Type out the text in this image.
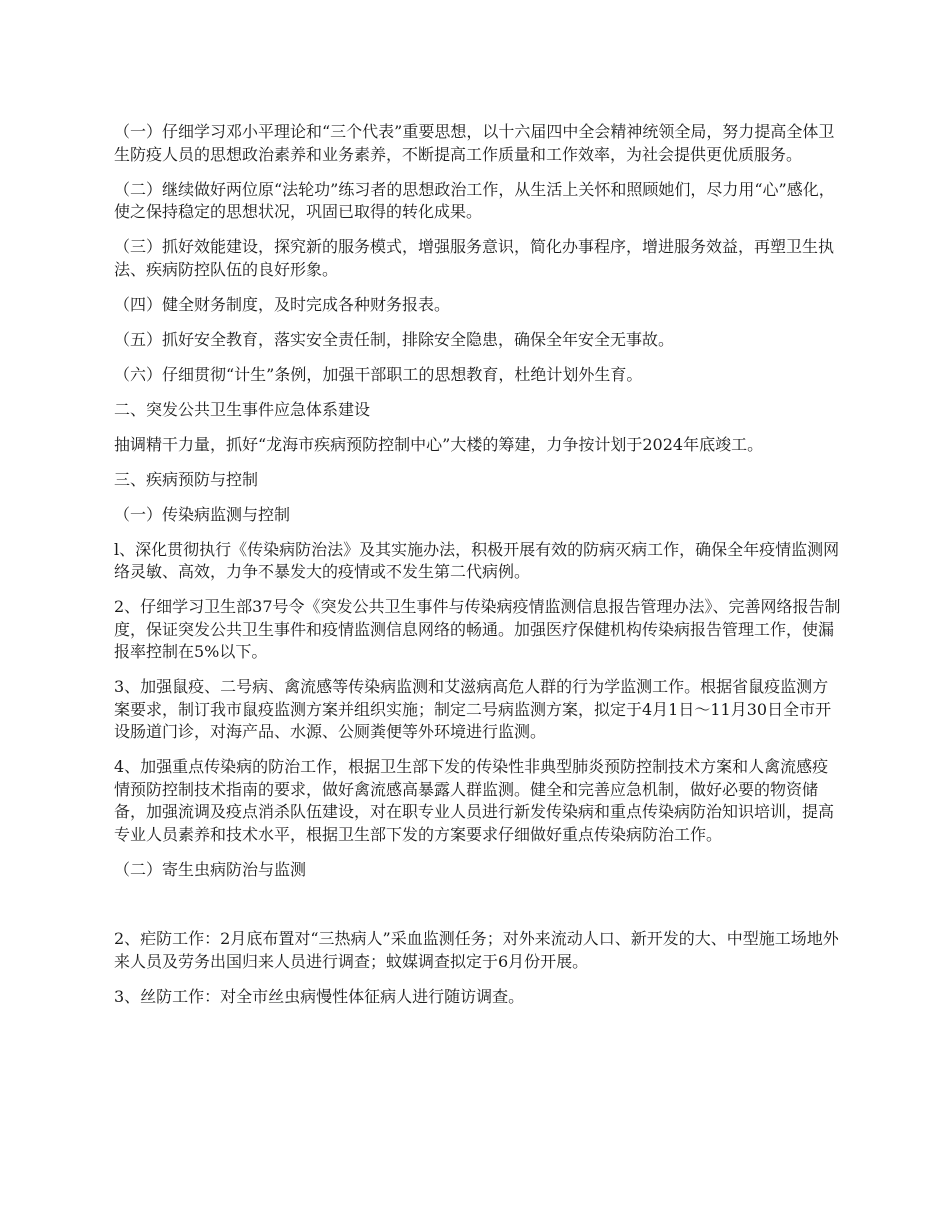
（一）仔细学习邓小平理论和“三个代表”重要思想，以十六届四中全会精神统领全局，努力提高全体卫生防疫人员的思想政治素养和业务素养，不断提高工作质量和工作效率，为社会提供更优质服务。

（二）继续做好两位原“法轮功”练习者的思想政治工作，从生活上关怀和照顾她们，尽力用“心”感化，使之保持稳定的思想状况，巩固已取得的转化成果。

（三）抓好效能建设，探究新的服务模式，增强服务意识，简化办事程序，增进服务效益，再塑卫生执法、疾病防控队伍的良好形象。

（四）健全财务制度，及时完成各种财务报表。

（五）抓好安全教育，落实安全责任制，排除安全隐患，确保全年安全无事故。

（六）仔细贯彻“计生”条例，加强干部职工的思想教育，杜绝计划外生育。

二、突发公共卫生事件应急体系建设

抽调精干力量，抓好“龙海市疾病预防控制中心”大楼的筹建，力争按计划于2024年底竣工。

三、疾病预防与控制

（一）传染病监测与控制

l、深化贯彻执行《传染病防治法》及其实施办法，积极开展有效的防病灭病工作，确保全年疫情监测网络灵敏、高效，力争不暴发大的疫情或不发生第二代病例。

2、仔细学习卫生部37号令《突发公共卫生事件与传染病疫情监测信息报告管理办法》、完善网络报告制度，保证突发公共卫生事件和疫情监测信息网络的畅通。加强医疗保健机构传染病报告管理工作，使漏报率控制在5%以下。

3、加强鼠疫、二号病、禽流感等传染病监测和艾滋病高危人群的行为学监测工作。根据省鼠疫监测方案要求，制订我市鼠疫监测方案并组织实施；制定二号病监测方案，拟定于4月1日～11月30日全市开设肠道门诊，对海产品、水源、公厕粪便等外环境进行监测。

4、加强重点传染病的防治工作，根据卫生部下发的传染性非典型肺炎预防控制技术方案和人禽流感疫情预防控制技术指南的要求，做好禽流感高暴露人群监测。健全和完善应急机制，做好必要的物资储备，加强流调及疫点消杀队伍建设，对在职专业人员进行新发传染病和重点传染病防治知识培训，提高专业人员素养和技术水平，根据卫生部下发的方案要求仔细做好重点传染病防治工作。

（二）寄生虫病防治与监测

2、疟防工作：2月底布置对“三热病人”采血监测任务；对外来流动人口、新开发的大、中型施工场地外来人员及劳务出国归来人员进行调查；蚊媒调查拟定于6月份开展。

3、丝防工作：对全市丝虫病慢性体征病人进行随访调查。
